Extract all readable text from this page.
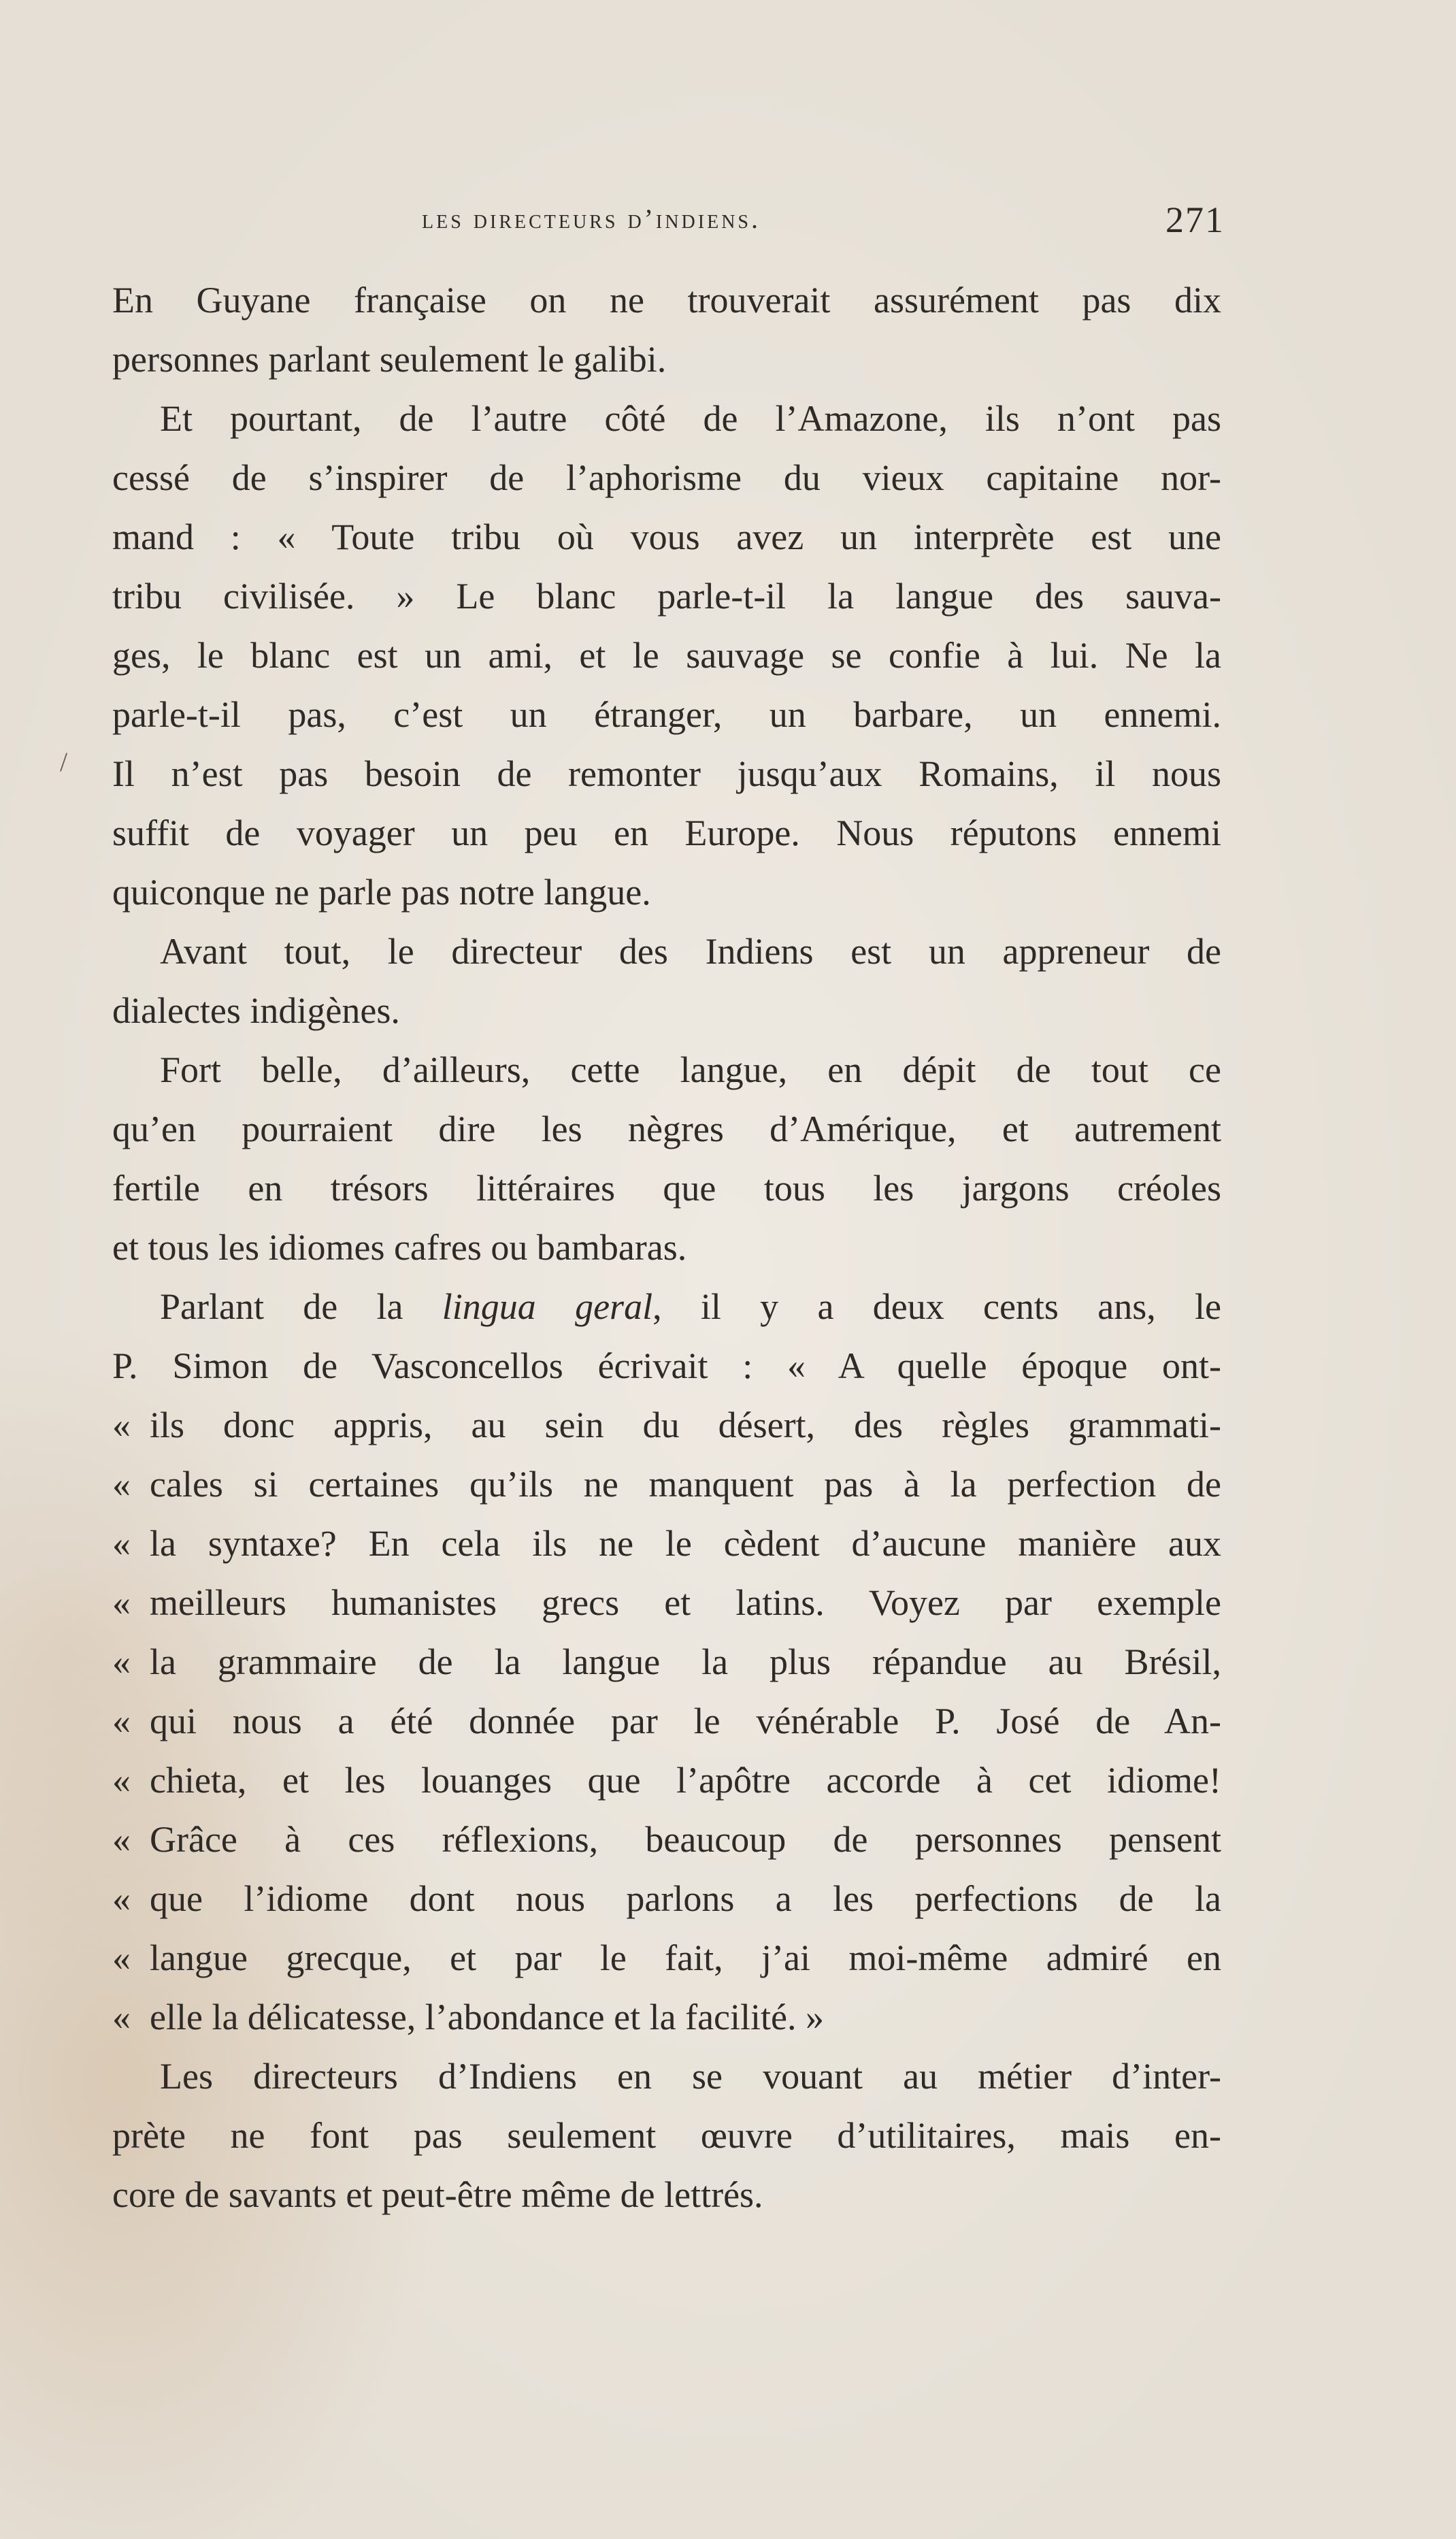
les directeurs d’indiens.	271
/
En Guyane française on ne trouverait assurément pas dix
personnes parlant seulement le galibi.
Et pourtant, de l’autre côté de l’Amazone, ils n’ont pas
cessé de s’inspirer de l’aphorisme du vieux capitaine nor-
mand : « Toute tribu où vous avez un interprète est une
tribu civilisée. » Le blanc parle-t-il la langue des sauva-
ges, le blanc est un ami, et le sauvage se confie à lui. Ne la
parle-t-il pas, c’est un étranger, un barbare, un ennemi.
Il n’est pas besoin de remonter jusqu’aux Romains, il nous
suffit de voyager un peu en Europe. Nous réputons ennemi
quiconque ne parle pas notre langue.
Avant tout, le directeur des Indiens est un appreneur de
dialectes indigènes.
Fort belle, d’ailleurs, cette langue, en dépit de tout ce
qu’en pourraient dire les nègres d’Amérique, et autrement
fertile en trésors littéraires que tous les jargons créoles
et tous les idiomes cafres ou bambaras.
Parlant de la lingua geral, il y a deux cents ans, le
P. Simon de Vasconcellos écrivait : « A quelle époque ont-
« ils donc appris, au sein du désert, des règles grammati-
« cales si certaines qu’ils ne manquent pas à la perfection de
« la syntaxe? En cela ils ne le cèdent d’aucune manière aux
« meilleurs humanistes grecs et latins. Voyez par exemple
« la grammaire de la langue la plus répandue au Brésil,
« qui nous a été donnée par le vénérable P. José de An-
« chieta, et les louanges que l’apôtre accorde à cet idiome!
« Grâce à ces réflexions, beaucoup de personnes pensent
« que l’idiome dont nous parlons a les perfections de la
« langue grecque, et par le fait, j’ai moi-même admiré en
« elle la délicatesse, l’abondance et la facilité. »
Les directeurs d’Indiens en se vouant au métier d’inter-
prète ne font pas seulement œuvre d’utilitaires, mais en-
core de savants et peut-être même de lettrés.
